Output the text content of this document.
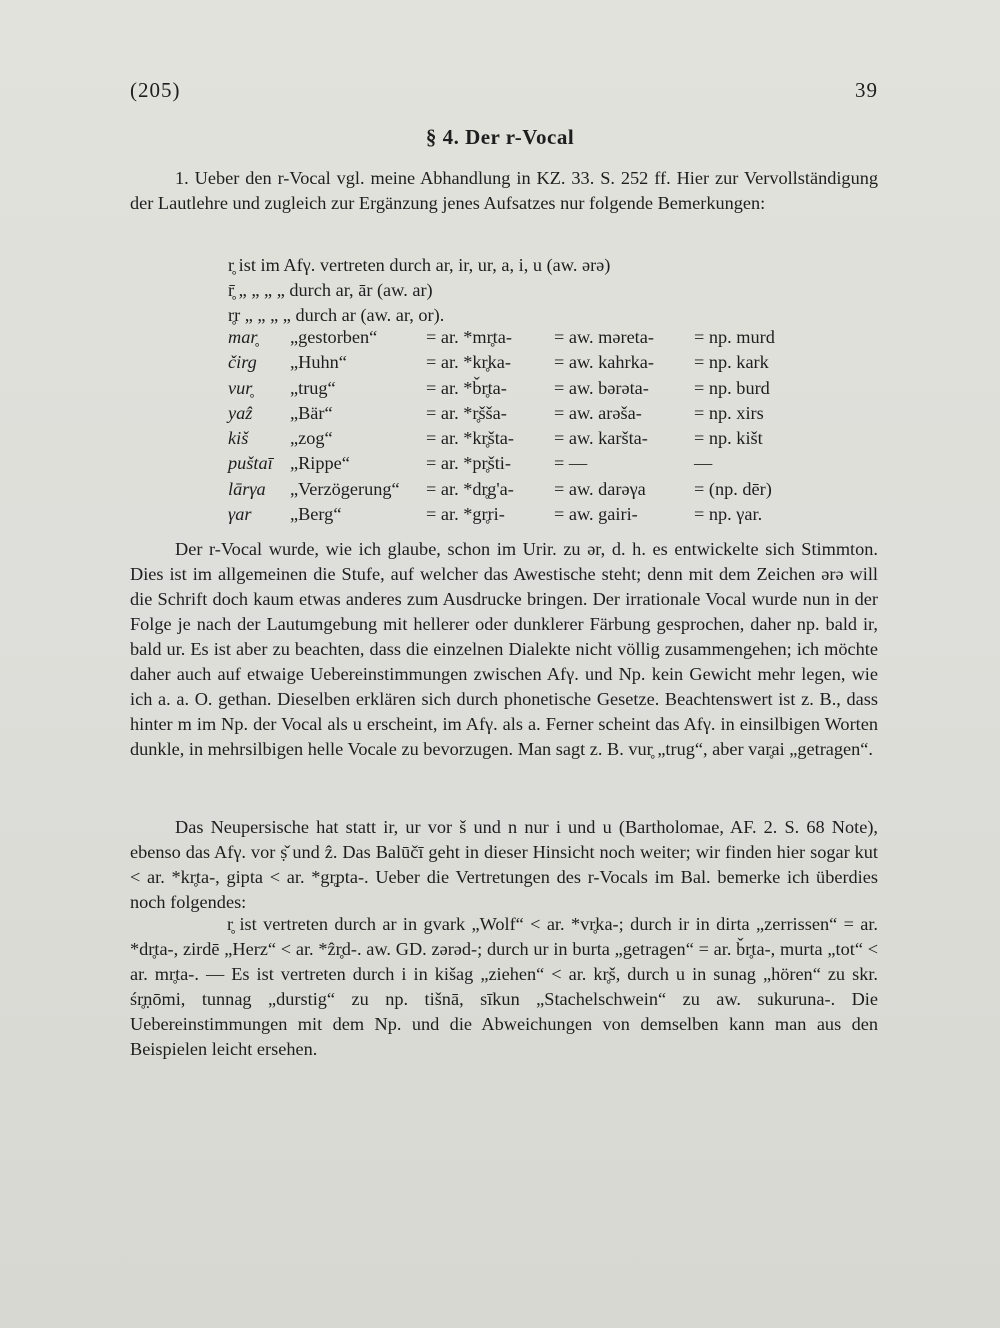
(205)	39
§ 4. Der r-Vocal

1. Ueber den r-Vocal vgl. meine Abhandlung in KZ. 33. S. 252 ff. Hier zur Vervollständigung der Lautlehre und zugleich zur Ergänzung jenes Aufsatzes nur folgende Bemerkungen:

r̥ ist im Afγ. vertreten durch ar, ir, ur, a, i, u (aw. ərə)
r̥̄ „ „ „ „ durch ar, ār (aw. ar)
r̥r „ „ „ „ durch ar (aw. ar, or).
mar̥ „gestorben“	= ar. *mr̥ta- = aw. məreta- = np. murd
čirg „Huhn“	= ar. *kr̥ka- = aw. kahrka- = np. kark
vur̥ „trug“	= ar. *b̌r̥ta-	= aw. bərəta- = np. burd
yaẑ „Bär“	= ar. *r̥šša-	= aw. arəša-	= np. xirs
kiš „zog“	= ar. *kr̥šta- = aw. karšta-	= np. kišt
puštaī „Rippe“	= ar. *pr̥šti- = —	—
lārγa „Verzögerung“ = ar. *dr̥g'a- = aw. darəγa	= (np. dēr)
γar „Berg“	= ar. *gr̥ri-	= aw. gairi-	= np. γar.

Der r-Vocal wurde, wie ich glaube, schon im Urir. zu ər, d. h. es entwickelte sich Stimmton. Dies ist im allgemeinen die Stufe, auf welcher das Awestische steht; denn mit dem Zeichen ərə will die Schrift doch kaum etwas anderes zum Ausdrucke bringen. Der irrationale Vocal wurde nun in der Folge je nach der Lautumgebung mit hellerer oder dunklerer Färbung gesprochen, daher np. bald ir, bald ur. Es ist aber zu beachten, dass die einzelnen Dialekte nicht völlig zusammengehen; ich möchte daher auch auf etwaige Uebereinstimmungen zwischen Afγ. und Np. kein Gewicht mehr legen, wie ich a. a. O. gethan. Dieselben erklären sich durch phonetische Gesetze. Beachtenswert ist z. B., dass hinter m im Np. der Vocal als u erscheint, im Afγ. als a. Ferner scheint das Afγ. in einsilbigen Worten dunkle, in mehrsilbigen helle Vocale zu bevorzugen. Man sagt z. B. vur̥ „trug“, aber var̥ai „getragen“.

Das Neupersische hat statt ir, ur vor š und n nur i und u (Bartholomae, AF. 2. S. 68 Note), ebenso das Afγ. vor ṣ̌ und ẑ. Das Balūčī geht in dieser Hinsicht noch weiter; wir finden hier sogar kut < ar. *kr̥ta-, gipta < ar. *gr̥pta-. Ueber die Vertretungen des r-Vocals im Bal. bemerke ich überdies noch folgendes:

r̥ ist vertreten durch ar in gvark „Wolf“ < ar. *vr̥ka-; durch ir in dirta „zerrissen“ = ar. *dr̥ta-, zirdē „Herz“ < ar. *ẑr̥d-. aw. GD. zərəd-; durch ur in burta „getragen“ = ar. b̌r̥ta-, murta „tot“ < ar. mr̥ta-. — Es ist vertreten durch i in kišag „ziehen“ < ar. kr̥š, durch u in sunag „hören“ zu skr. śr̥ṇōmi, tunnag „durstig“ zu np. tišnā, sīkun „Stachelschwein“ zu aw. sukuruna-. Die Uebereinstimmungen mit dem Np. und die Abweichungen von demselben kann man aus den Beispielen leicht ersehen.
